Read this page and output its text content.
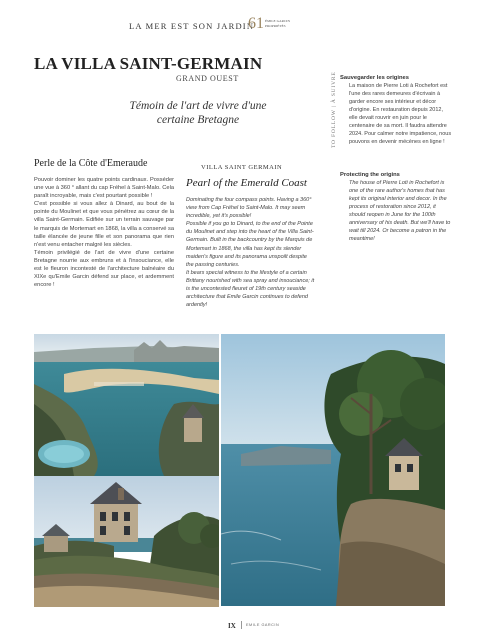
LA MER EST SON JARDIN
61 ÉMILE GARCIN
PROPRIÉTÉS
LA VILLA SAINT-GERMAIN
GRAND OUEST
Témoin de l'art de vivre d'une certaine Bretagne
Perle de la Côte d'Emeraude

Pouvoir dominer les quatre points cardinaux. Posséder une vue à 360 ° allant du cap Fréhel à Saint-Malo. Cela paraît incroyable, mais c'est pourtant possible !

C'est possible si vous allez à Dinard, au bout de la pointe du Moulinet et que vous pénétrez au cœur de la villa Saint-Germain. Edifiée sur un terrain sauvage par le marquis de Mortemart en 1868, la villa a conservé sa taille élancée de jeune fille et son panorama que rien n'est venu entacher malgré les siècles.

Témoin privilégié de l'art de vivre d'une certaine Bretagne nourrie aux embruns et à l'insouciance, elle est le fleuron incontesté de l'architecture balnéaire du XIXe qu'Emile Garcin défend sur place, et ardemment encore !

VILLA SAINT GERMAIN
Pearl of the Emerald Coast

Dominating the four compass points. Having a 360° view from Cap Fréhel to Saint-Malo. It may seem incredible, yet it's possible!

Possible if you go to Dinard, to the end of the Pointe du Moulinet and step into the heart of the Villa Saint-Germain. Built in the backcountry by the Marquis de Mortemart in 1868, the villa has kept its slender maiden's figure and its panorama unspoilt despite the passing centuries.

It bears special witness to the lifestyle of a certain Brittany nourished with sea spray and insouciance; it is the uncontested fleuret of 19th century seaside architecture that Emile Garcin continues to defend ardently!

TO FOLLOW | À SUIVRE Sauvegarder les origines

La maison de Pierre Loti à Rochefort est l'une des rares demeures d'écrivain à garder encore ses intérieur et décor d'origine. En restauration depuis 2012, elle devait rouvrir en juin pour le centenaire de sa mort. Il faudra attendre 2024. Pour calmer notre impatience, nous pouvons en devenir mécènes en ligne !

Protecting the origins

The house of Pierre Loti in Rochefort is one of the rare author's homes that has kept its original interior and decor. In the process of restoration since 2012, it should reopen in June for the 100th anniversary of his death. But we'll have to wait till 2024. Or become a patron in the meantime!

IX	EMILE GARCIN
